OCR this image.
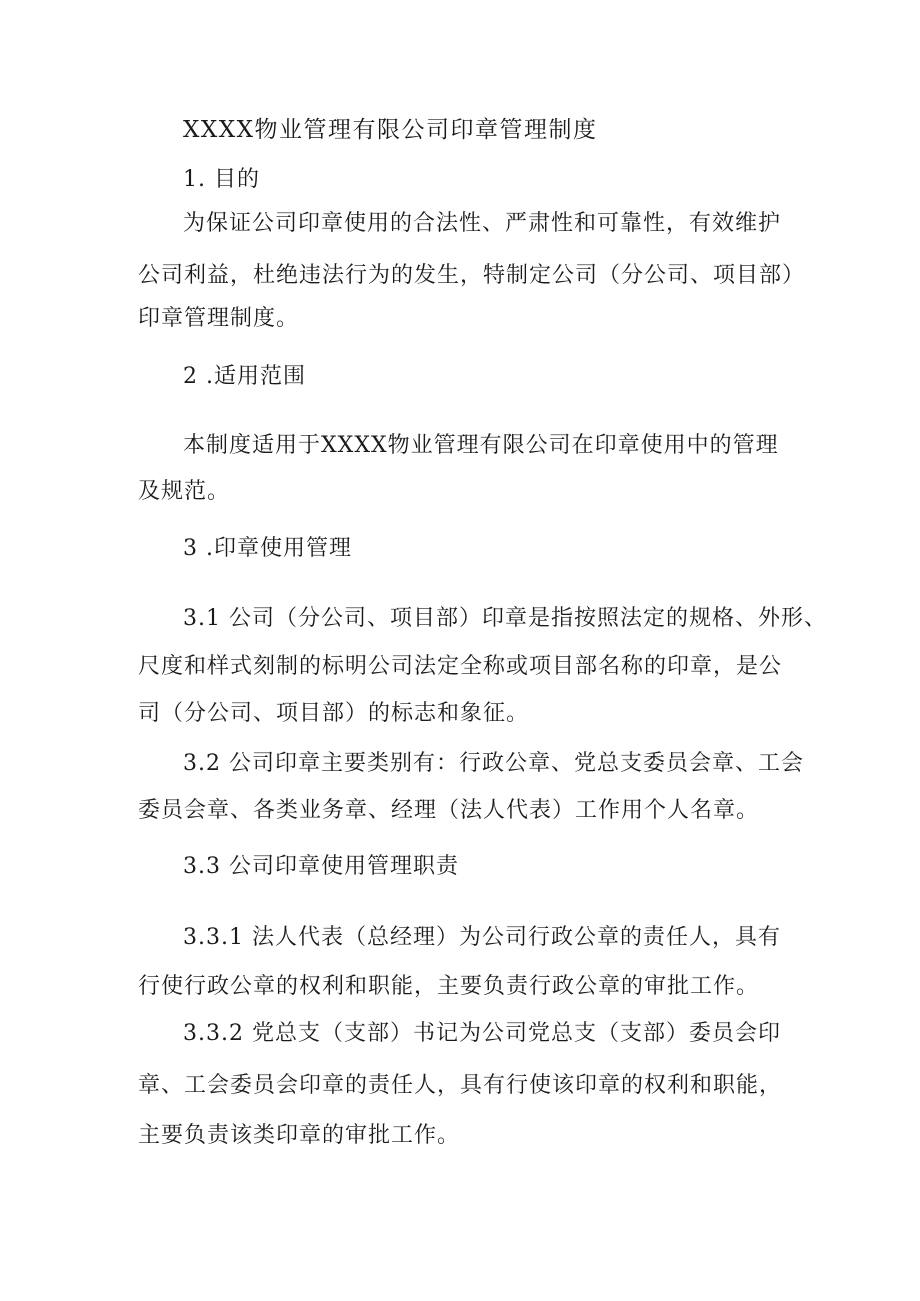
XXXX物业管理有限公司印章管理制度
1. 目的
为保证公司印章使用的合法性、严肃性和可靠性，有效维护
公司利益，杜绝违法行为的发生，特制定公司（分公司、项目部）
印章管理制度。
2 .适用范围
本制度适用于XXXX物业管理有限公司在印章使用中的管理
及规范。
3 .印章使用管理
3.1 公司（分公司、项目部）印章是指按照法定的规格、外形、
尺度和样式刻制的标明公司法定全称或项目部名称的印章，是公
司（分公司、项目部）的标志和象征。
3.2 公司印章主要类别有：行政公章、党总支委员会章、工会
委员会章、各类业务章、经理（法人代表）工作用个人名章。
3.3 公司印章使用管理职责
3.3.1 法人代表（总经理）为公司行政公章的责任人，具有
行使行政公章的权利和职能，主要负责行政公章的审批工作。
3.3.2 党总支（支部）书记为公司党总支（支部）委员会印
章、工会委员会印章的责任人，具有行使该印章的权利和职能，
主要负责该类印章的审批工作。
